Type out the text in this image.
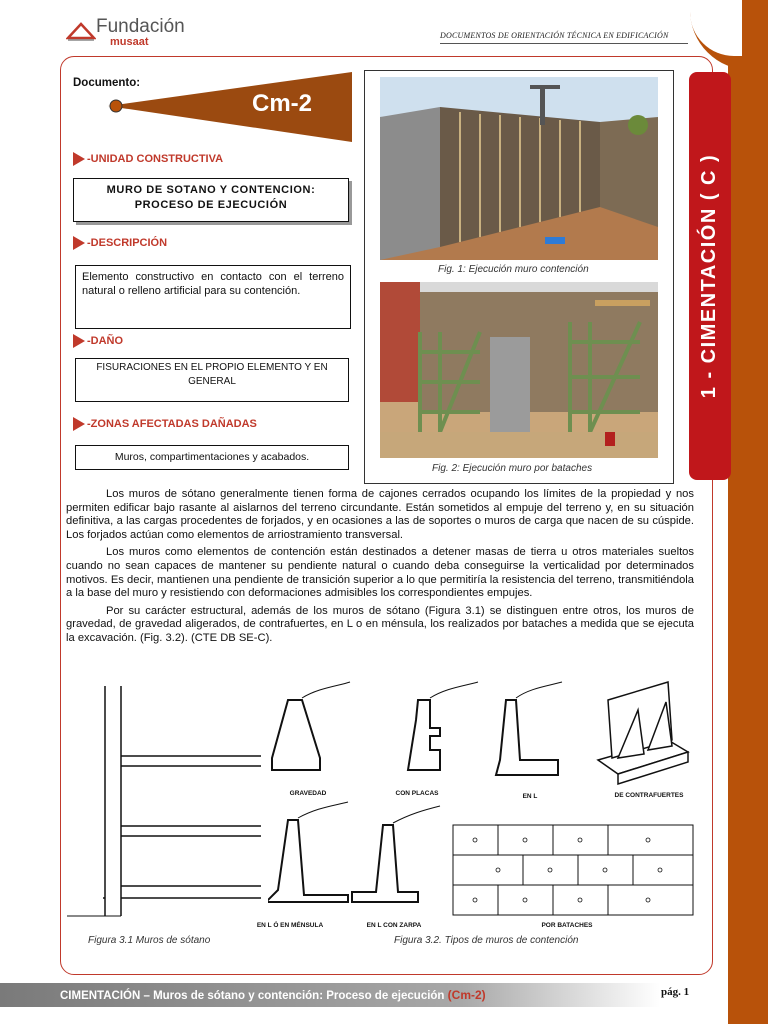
Fundación
musaat
DOCUMENTOS DE ORIENTACIÓN TÉCNICA EN EDIFICACIÓN
Documento:
Cm-2
-UNIDAD CONSTRUCTIVA
MURO DE SOTANO Y CONTENCION:
PROCESO DE EJECUCIÓN
-DESCRIPCIÓN
Elemento constructivo en contacto con el terreno natural o relleno artificial para su contención.
-DAÑO
FISURACIONES EN EL PROPIO ELEMENTO Y EN GENERAL
-ZONAS AFECTADAS DAÑADAS
Muros, compartimentaciones y acabados.
Fig. 1: Ejecución muro contención
Fig. 2: Ejecución muro por bataches
1 - CIMENTACIÓN ( C )
Los muros de sótano generalmente tienen forma de cajones cerrados ocupando los límites de la propiedad y nos permiten edificar bajo rasante al aislarnos del terreno circundante. Están sometidos al empuje del terreno y, en su situación definitiva, a las cargas procedentes de forjados, y en ocasiones a las de soportes o muros de carga que nacen de su cúspide. Los forjados actúan como elementos de arriostramiento transversal.
Los muros como elementos de contención están destinados a detener masas de tierra u otros materiales sueltos cuando no sean capaces de mantener su pendiente natural o cuando deba conseguirse la verticalidad por determinados motivos. Es decir, mantienen una pendiente de transición superior a lo que permitiría la resistencia del terreno, transmitiéndola a la base del muro y resistiendo con deformaciones admisibles los correspondientes empujes.
Por su carácter estructural, además de los muros de sótano (Figura 3.1) se distinguen entre otros, los muros de gravedad, de gravedad aligerados, de contrafuertes, en L o en ménsula, los realizados por bataches a medida que se ejecuta la excavación. (Fig. 3.2). (CTE DB SE-C).
Figura 3.1 Muros de sótano
GRAVEDAD	CON PLACAS	EN L	DE CONTRAFUERTES
EN L Ó EN MÉNSULA	EN L CON ZARPA	POR BATACHES
Figura 3.2. Tipos de muros de contención
CIMENTACIÓN – Muros de sótano y contención: Proceso de ejecución (Cm-2)	pág. 1
